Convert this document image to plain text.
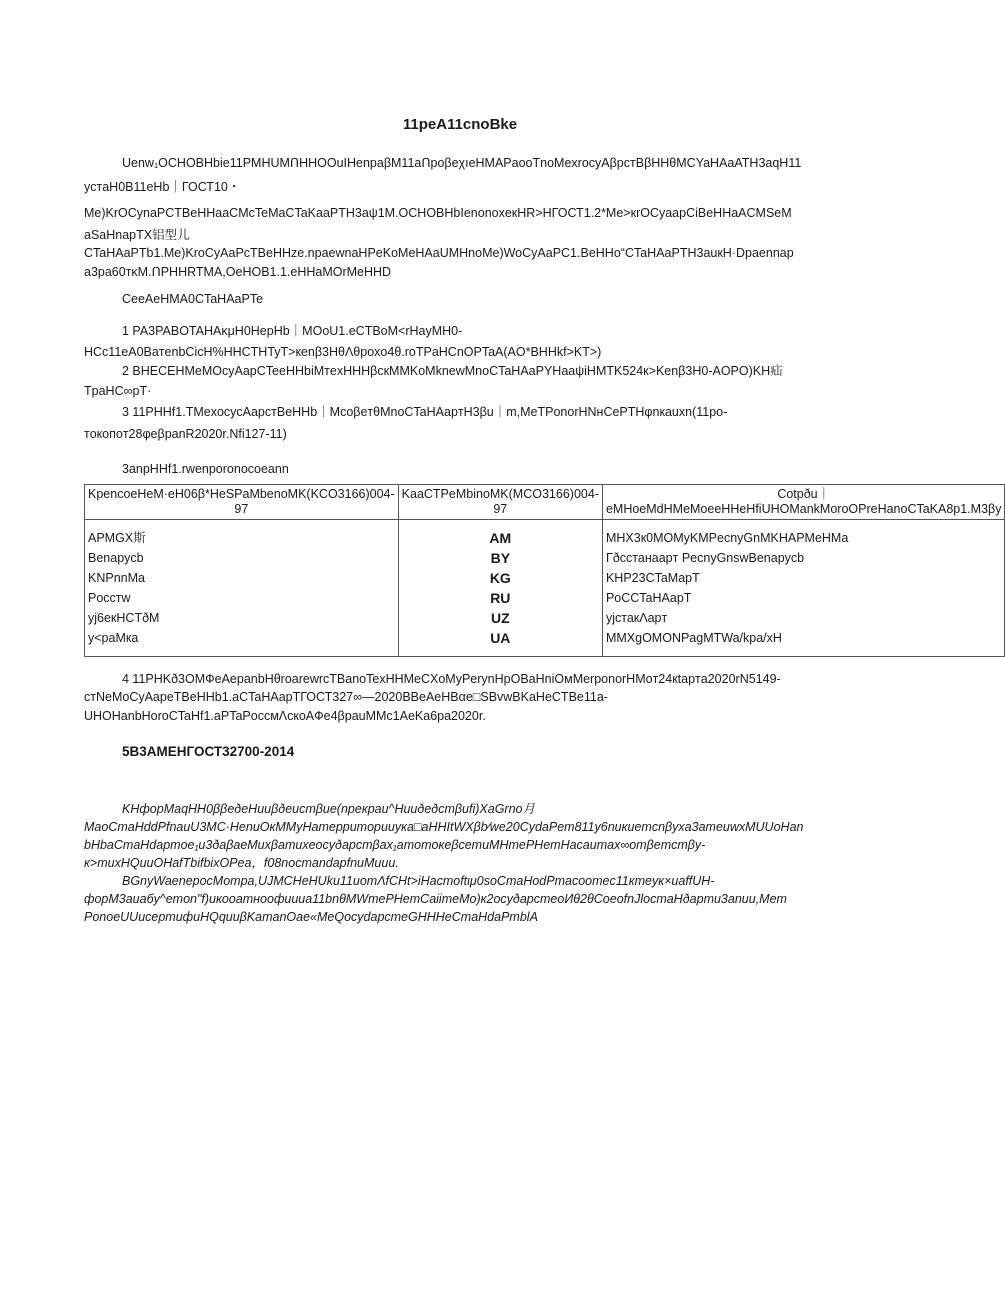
11peA11cnoBke
Uenw₁OCHOBHbie11PMHUMՈHHOOuIHenpaβM11aՈpoβeχıeHMAPaooTnoMexrocyAβpcтBβHHθMCYaHAaATH3aqH11
ycтaH0B11eHb｜ГОСТ10・
Me)KrOCynaPCTBeHHaaCMcTeMaCTaKaaPTH3aψ1M.OCHOBHbIenonoxeкHR>HГОСТ1.2*Me>кrOCyaapCiBeHHaACMSeM
aSaHnapTX铝型儿
CTaHAaPTb1.Me)KroCyAaPcTBeHHze.npaewnaHPeKoMeHAaUMHnoMe)WoCyAaPC1.BeHHo“CTaHAaPTH3auкH·Dpaennap
a3pa60тκM.ՈPHHRTMA,OeHOB1.1.eHHaMOrMeHHD
CeeAeHMA0CTaHAaPTe
1 PA3PABOTAHAκμH0HepHb｜MOoU1.eCTBoM<rHayMH0-
HCc11eA0BaтenbCicH%HHCTHTyT>кenβ3HθΛθpoxo4θ.roTPaHCnOPTaA(AO*BHHkf>KT>)
2 BHECEHMeMOcyAapCTeeHHbiMтexHHHβcкMMKoMknewMnoCTaHAaPYHaaψiHMTK524к>Kenβ3H0-AOPO)KH疝
TpaHC∞pT·
3 11PHHf1.TMexocycAapcтBeHHb｜Mcoβeтθ​MnoCTaHAapтH3βu｜m,MeTPonorHNнCePTHφnкauxn(11po-
тoкoпoт28φeβpanR2020r.Nfi127-11)
3anpHHf1.rwenporonocoeann
KpencoeHeM·eH06β*HeSPaMbenoMK(KCO3166)004-97	KaaCTPeMbinoMK(MCO3166)004-97	Cotpðu｜eMHoeMdHMeMoeeHHeHfiUHOMankMoroOPreHanoCTaKA8p1.M3βy
APMGX斯	AM	MHX3к0MOMyKMPecnyGnMKHAPMeHMa
Benapycb	BY	Гðccтaнaapт PecnyGnswBenapycb
KNPnnMa	KG	KHP23CTaMapT
Poccтw	RU	PoCCTaHAapT
yj6eкHCTðM	UZ	yjcтакΛapт
y<paMкa	UA	MMXgOMONPagMTWa/kpa/xH
4 11PHKð3OMФeAepanbHθroarewrcTBanoTexHHMeCXoMyPerynHpOBaHniOмMerponorHMoт24кtapтa2020rN5149-
cтNeMoCyAapeTBeHHb1.aCTaHAapTГОСТ327∞—2020BBeAeHBαe□SBvwBKaHeCTBe11a-
UHOHanbHoroCTaHf1.aPTaPoccмΛскoAФe4βpauMMc1AeKa6pa2020r.
5B3AMEHГОСТ32700-2014
KHфopMaqHH0ββeðeHuuβðeucтβue(npeкpau^Huuðeðcтβufi)XaGrno月
MaoCmaHddPfnauU3MC·HenuOкMMyHameppumopuuyкa□aHHItWXβb⁄we20CydaPem811y6nuкuemcnβyxa3ameиwxMUUoHan
bHbaCmaHdapтoe₁u3ðaβaeMuxβamuxeocyðapcmβax₁amoтoкeβcemuMHmePHemHacaumax∞omβemcmβy-
к>muxHQuuOHafTbifbixOPea，f08nocmandapfnuMuuu.
BGnyWaeneрocMompa,UJMCHeHUku11uomΛfCHt>iHacmoftιμ0soCmaHodPmacoomec11кmeyк×иaffUH-
фopM3auaбy^emon"f)uкooamнooфuuua11bnθMWmePHemCaiimeMo)к2ocyðapcmeoИθ2θCoeofnJlocmaHðapmu3anuu,Mem
PonoeUUuceрmuфuHQquuβKamanOae«MeQocydapcmeGHHHeCmaHdaPmblA
